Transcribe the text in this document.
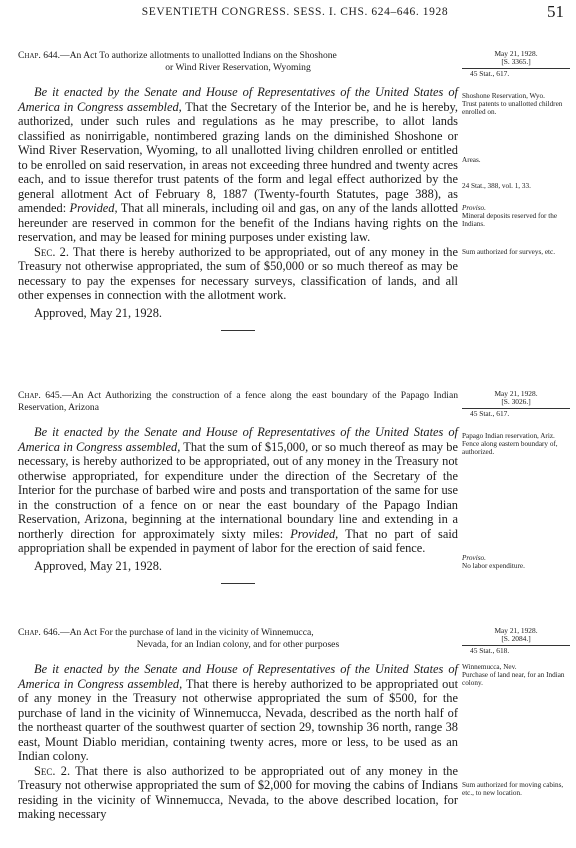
SEVENTIETH CONGRESS. SESS. I. CHS. 624–646. 1928	51
Chap. 644.—An Act To authorize allotments to unallotted Indians on the Shoshone
or Wind River Reservation, Wyoming

Be it enacted by the Senate and House of Representatives of the United States of America in Congress assembled, That the Secretary of the Interior be, and he is hereby, authorized, under such rules and regulations as he may prescribe, to allot lands classified as nonirrigable, nontimbered grazing lands on the diminished Shoshone or Wind River Reservation, Wyoming, to all unallotted living children enrolled or entitled to be enrolled on said reservation, in areas not exceeding three hundred and twenty acres each, and to issue therefor trust patents of the form and legal effect authorized by the general allotment Act of February 8, 1887 (Twenty-fourth Statutes, page 388), as amended: Provided, That all minerals, including oil and gas, on any of the lands allotted hereunder are reserved in common for the benefit of the Indians having rights on the reservation, and may be leased for mining purposes under existing law.

Sec. 2. That there is hereby authorized to be appropriated, out of any money in the Treasury not otherwise appropriated, the sum of $50,000 or so much thereof as may be necessary to pay the expenses for necessary surveys, classification of lands, and all other expenses in connection with the allotment work.

Approved, May 21, 1928.

May 21, 1928.
[S. 3365.]
45 Stat., 617.
Shoshone Reservation, Wyo.
Trust patents to unallotted children enrolled on.
Areas.
24 Stat., 388, vol. 1, 33.
Proviso.
Mineral deposits reserved for the Indians.
Sum authorized for surveys, etc.
Chap. 645.—An Act Authorizing the construction of a fence along the east boundary of the Papago Indian Reservation, Arizona

Be it enacted by the Senate and House of Representatives of the United States of America in Congress assembled, That the sum of $15,000, or so much thereof as may be necessary, is hereby authorized to be appropriated, out of any money in the Treasury not otherwise appropriated, for expenditure under the direction of the Secretary of the Interior for the purchase of barbed wire and posts and transportation of the same for use in the construction of a fence on or near the east boundary of the Papago Indian Reservation, Arizona, beginning at the international boundary line and extending in a northerly direction for approximately sixty miles: Provided, That no part of said appropriation shall be expended in payment of labor for the erection of said fence.

Approved, May 21, 1928.

May 21, 1928.
[S. 3026.]
45 Stat., 617.
Papago Indian reservation, Ariz.
Fence along eastern boundary of, authorized.
Proviso.
No labor expenditure.
Chap. 646.—An Act For the purchase of land in the vicinity of Winnemucca,
Nevada, for an Indian colony, and for other purposes

Be it enacted by the Senate and House of Representatives of the United States of America in Congress assembled, That there is hereby authorized to be appropriated out of any money in the Treasury not otherwise appropriated the sum of $500, for the purchase of land in the vicinity of Winnemucca, Nevada, described as the north half of the northeast quarter of the southwest quarter of section 29, township 36 north, range 38 east, Mount Diablo meridian, containing twenty acres, more or less, to be used as an Indian colony.

Sec. 2. That there is also authorized to be appropriated out of any money in the Treasury not otherwise appropriated the sum of $2,000 for moving the cabins of Indians residing in the vicinity of Winnemucca, Nevada, to the above described location, for making necessary

May 21, 1928.
[S. 2084.]
45 Stat., 618.
Winnemucca, Nev.
Purchase of land near, for an Indian colony.
Sum authorized for moving cabins, etc., to new location.
